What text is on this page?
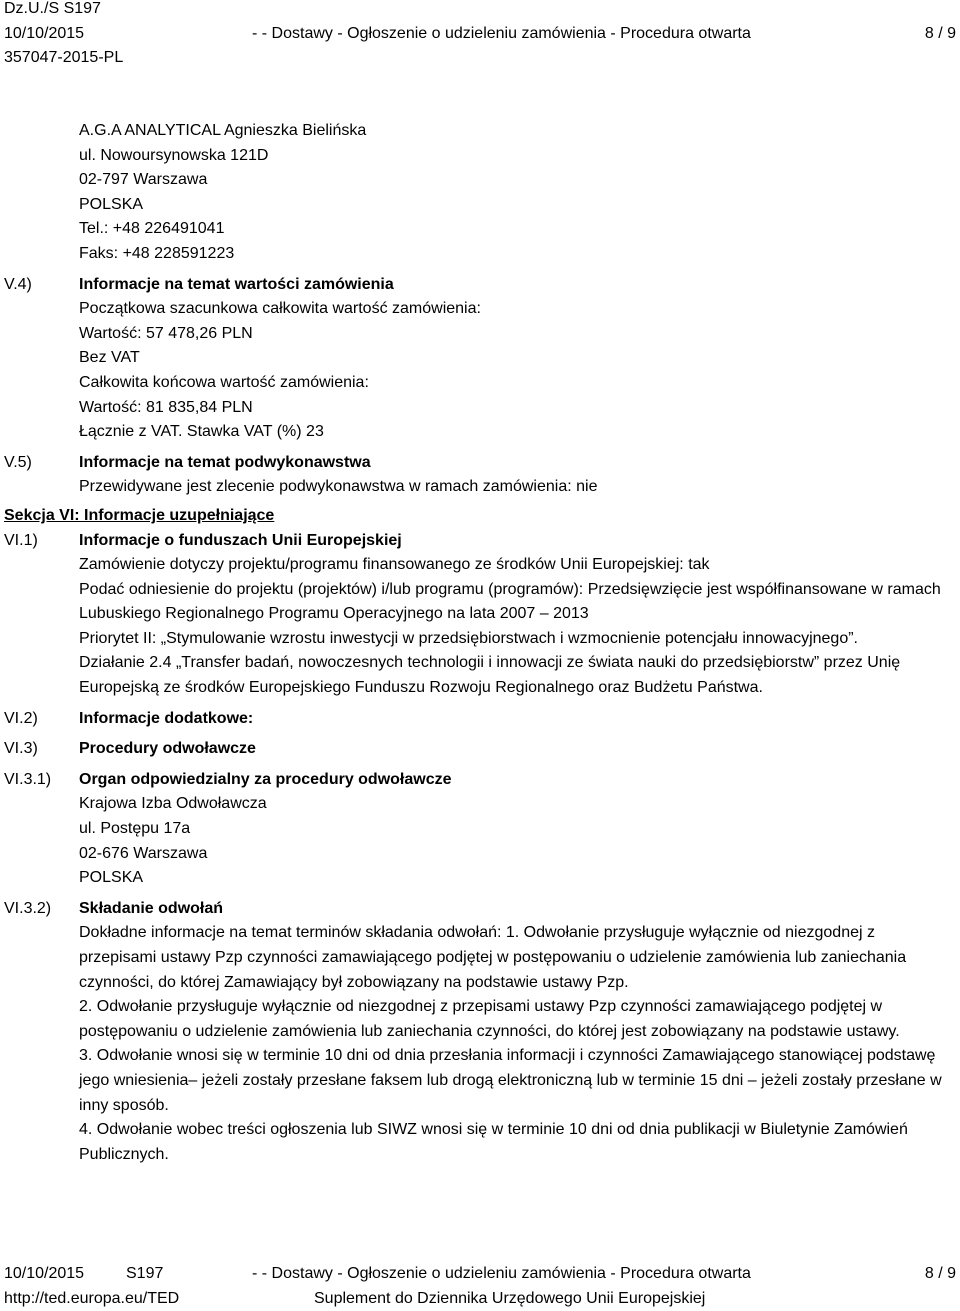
Dz.U./S S197
10/10/2015	- - Dostawy - Ogłoszenie o udzieleniu zamówienia - Procedura otwarta	8 / 9
357047-2015-PL
A.G.A ANALYTICAL Agnieszka Bielińska
ul. Nowoursynowska 121D
02-797 Warszawa
POLSKA
Tel.: +48 226491041
Faks: +48 228591223
V.4)	Informacje na temat wartości zamówienia
Początkowa szacunkowa całkowita wartość zamówienia:
Wartość: 57 478,26 PLN
Bez VAT
Całkowita końcowa wartość zamówienia:
Wartość: 81 835,84 PLN
Łącznie z VAT. Stawka VAT (%) 23
V.5)	Informacje na temat podwykonawstwa
Przewidywane jest zlecenie podwykonawstwa w ramach zamówienia: nie
Sekcja VI: Informacje uzupełniające
VI.1)	Informacje o funduszach Unii Europejskiej
Zamówienie dotyczy projektu/programu finansowanego ze środków Unii Europejskiej: tak
Podać odniesienie do projektu (projektów) i/lub programu (programów): Przedsięwzięcie jest współfinansowane w ramach Lubuskiego Regionalnego Programu Operacyjnego na lata 2007 – 2013
Priorytet II: „Stymulowanie wzrostu inwestycji w przedsiębiorstwach i wzmocnienie potencjału innowacyjnego”.
Działanie 2.4 „Transfer badań, nowoczesnych technologii i innowacji ze świata nauki do przedsiębiorstw” przez Unię Europejską ze środków Europejskiego Funduszu Rozwoju Regionalnego oraz Budżetu Państwa.
VI.2)	Informacje dodatkowe:
VI.3)	Procedury odwoławcze
VI.3.1) Organ odpowiedzialny za procedury odwoławcze
Krajowa Izba Odwoławcza
ul. Postępu 17a
02-676 Warszawa
POLSKA
VI.3.2) Składanie odwołań
Dokładne informacje na temat terminów składania odwołań: 1. Odwołanie przysługuje wyłącznie od niezgodnej z przepisami ustawy Pzp czynności zamawiającego podjętej w postępowaniu o udzielenie zamówienia lub zaniechania czynności, do której Zamawiający był zobowiązany na podstawie ustawy Pzp.
2. Odwołanie przysługuje wyłącznie od niezgodnej z przepisami ustawy Pzp czynności zamawiającego podjętej w postępowaniu o udzielenie zamówienia lub zaniechania czynności, do której jest zobowiązany na podstawie ustawy.
3. Odwołanie wnosi się w terminie 10 dni od dnia przesłania informacji i czynności Zamawiającego stanowiącej podstawę jego wniesienia– jeżeli zostały przesłane faksem lub drogą elektroniczną lub w terminie 15 dni – jeżeli zostały przesłane w inny sposób.
4. Odwołanie wobec treści ogłoszenia lub SIWZ wnosi się w terminie 10 dni od dnia publikacji w Biuletynie Zamówień Publicznych.
10/10/2015	S197	- - Dostawy - Ogłoszenie o udzieleniu zamówienia - Procedura otwarta	8 / 9
http://ted.europa.eu/TED	Suplement do Dziennika Urzędowego Unii Europejskiej
